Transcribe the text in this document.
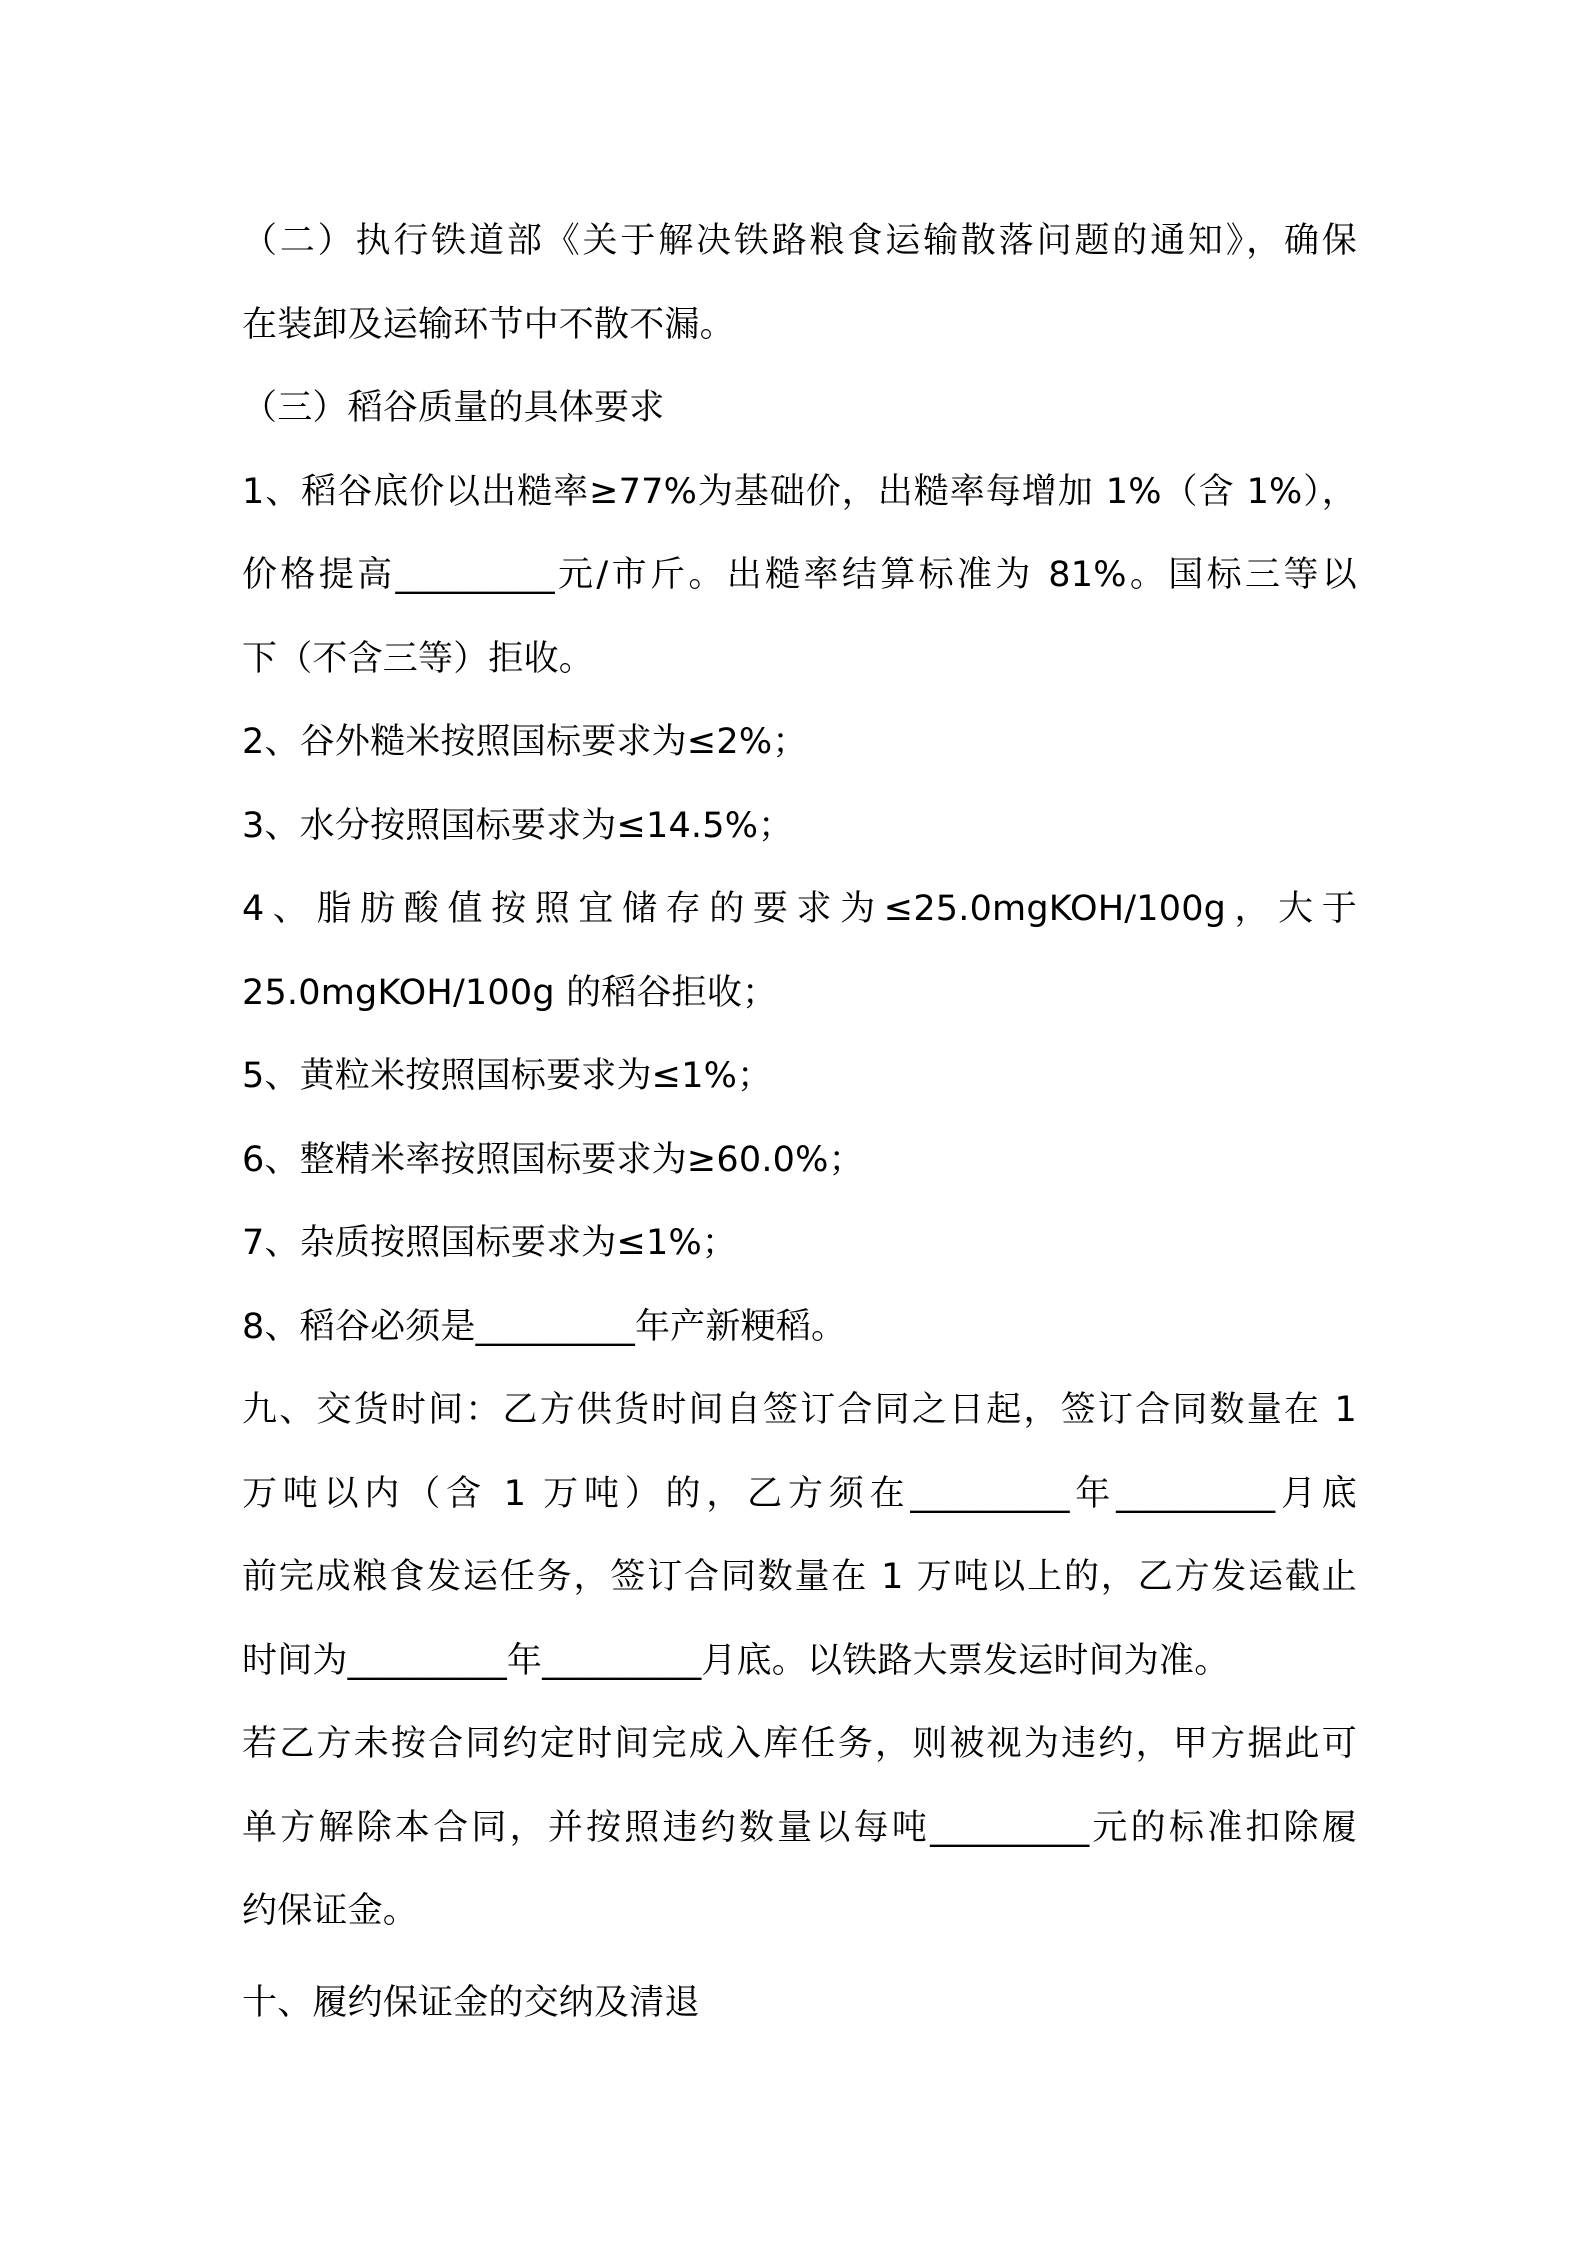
（二）执行铁道部《关于解决铁路粮食运输散落问题的通知》，确保
在装卸及运输环节中不散不漏。
（三）稻谷质量的具体要求
1、稻谷底价以出糙率≥77%为基础价，出糙率每增加 1%（含 1%），
价格提高_________元/市斤。出糙率结算标准为 81%。国标三等以
下（不含三等）拒收。
2、谷外糙米按照国标要求为≤2%；
3、水分按照国标要求为≤14.5%；
4、脂肪酸值按照宜储存的要求为≤25.0mgKOH/100g，大于
25.0mgKOH/100g 的稻谷拒收；
5、黄粒米按照国标要求为≤1%；
6、整精米率按照国标要求为≥60.0%；
7、杂质按照国标要求为≤1%；
8、稻谷必须是_________年产新粳稻。
九、交货时间：乙方供货时间自签订合同之日起，签订合同数量在 1
万吨以内（含 1 万吨）的，乙方须在_________年_________月底
前完成粮食发运任务，签订合同数量在 1 万吨以上的，乙方发运截止
时间为_________年_________月底。以铁路大票发运时间为准。
若乙方未按合同约定时间完成入库任务，则被视为违约，甲方据此可
单方解除本合同，并按照违约数量以每吨_________元的标准扣除履
约保证金。
十、履约保证金的交纳及清退
